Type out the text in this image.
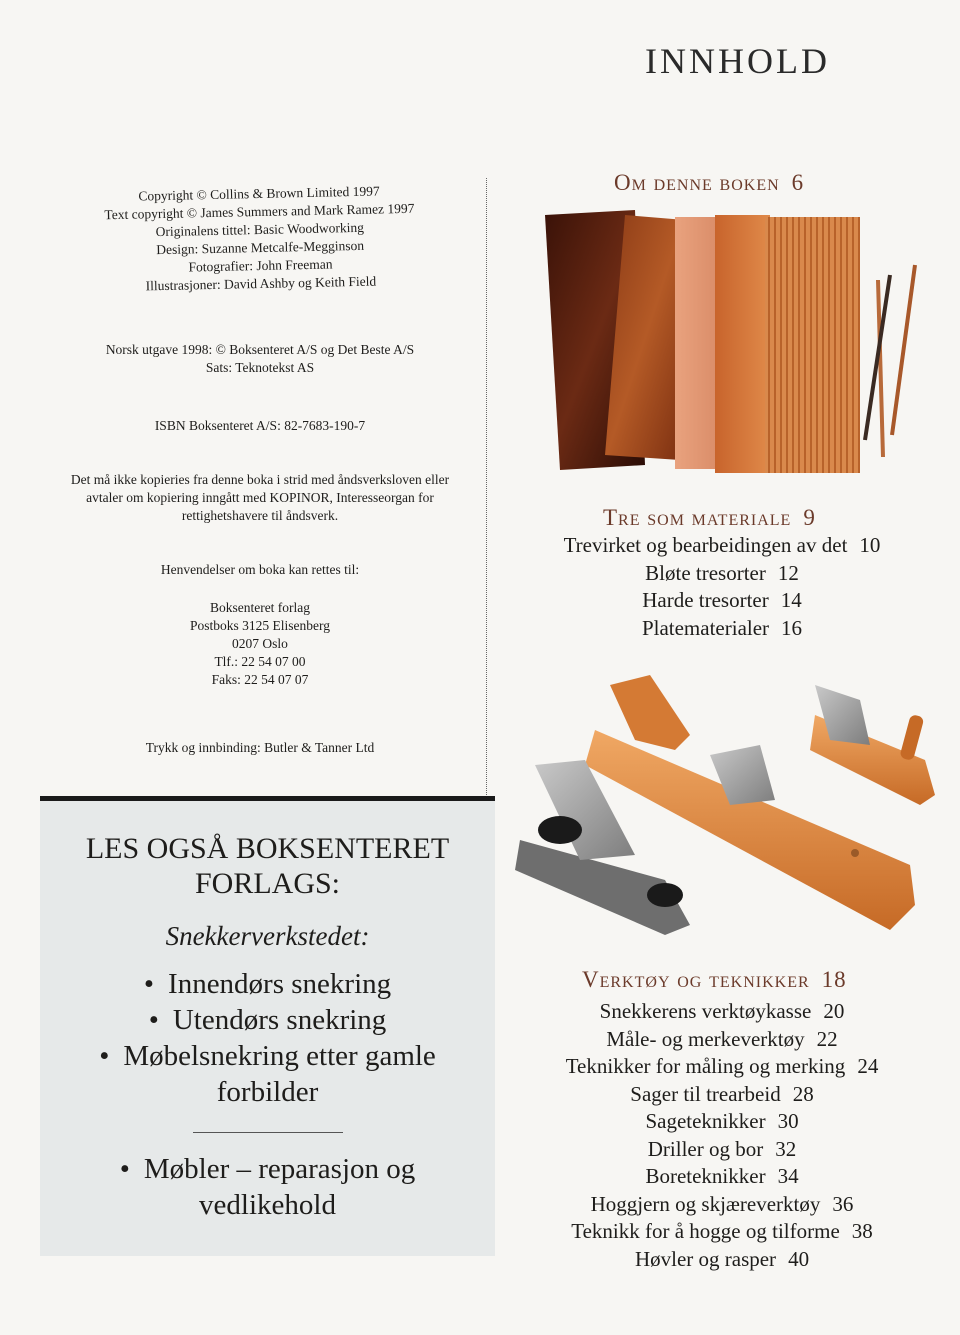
INNHOLD

Copyright © Collins & Brown Limited 1997

Text copyright © James Summers and Mark Ramez 1997

Originalens tittel: Basic Woodworking

Design: Suzanne Metcalfe-Megginson

Fotografier: John Freeman

Illustrasjoner: David Ashby og Keith Field

Norsk utgave 1998: © Boksenteret A/S og Det Beste A/S

Sats: Teknotekst AS

ISBN Boksenteret A/S: 82-7683-190-7

Det må ikke kopieries fra denne boka i strid med åndsverksloven eller

avtaler om kopiering inngått med KOPINOR, Interesseorgan for

rettighetshavere til åndsverk.

Henvendelser om boka kan rettes til:

Boksenteret forlag

Postboks 3125 Elisenberg

0207 Oslo

Tlf.: 22 54 07 00

Faks: 22 54 07 07

Trykk og innbinding: Butler & Tanner Ltd

LES OGSÅ BOKSENTERET
FORLAGS:
Snekkerverkstedet:
• Innendørs snekring
• Utendørs snekring
• Møbelsnekring etter gamle forbilder
• Møbler – reparasjon og vedlikehold
Om denne boken 6
Tre som materiale 9
Trevirket og bearbeidingen av det 10
Bløte tresorter 12
Harde tresorter 14
Platematerialer 16
Verktøy og teknikker 18
Snekkerens verktøykasse 20
Måle- og merkeverktøy 22
Teknikker for måling og merking 24
Sager til trearbeid 28
Sageteknikker 30
Driller og bor 32
Boreteknikker 34
Hoggjern og skjæreverktøy 36
Teknikk for å hogge og tilforme 38
Høvler og rasper 40
